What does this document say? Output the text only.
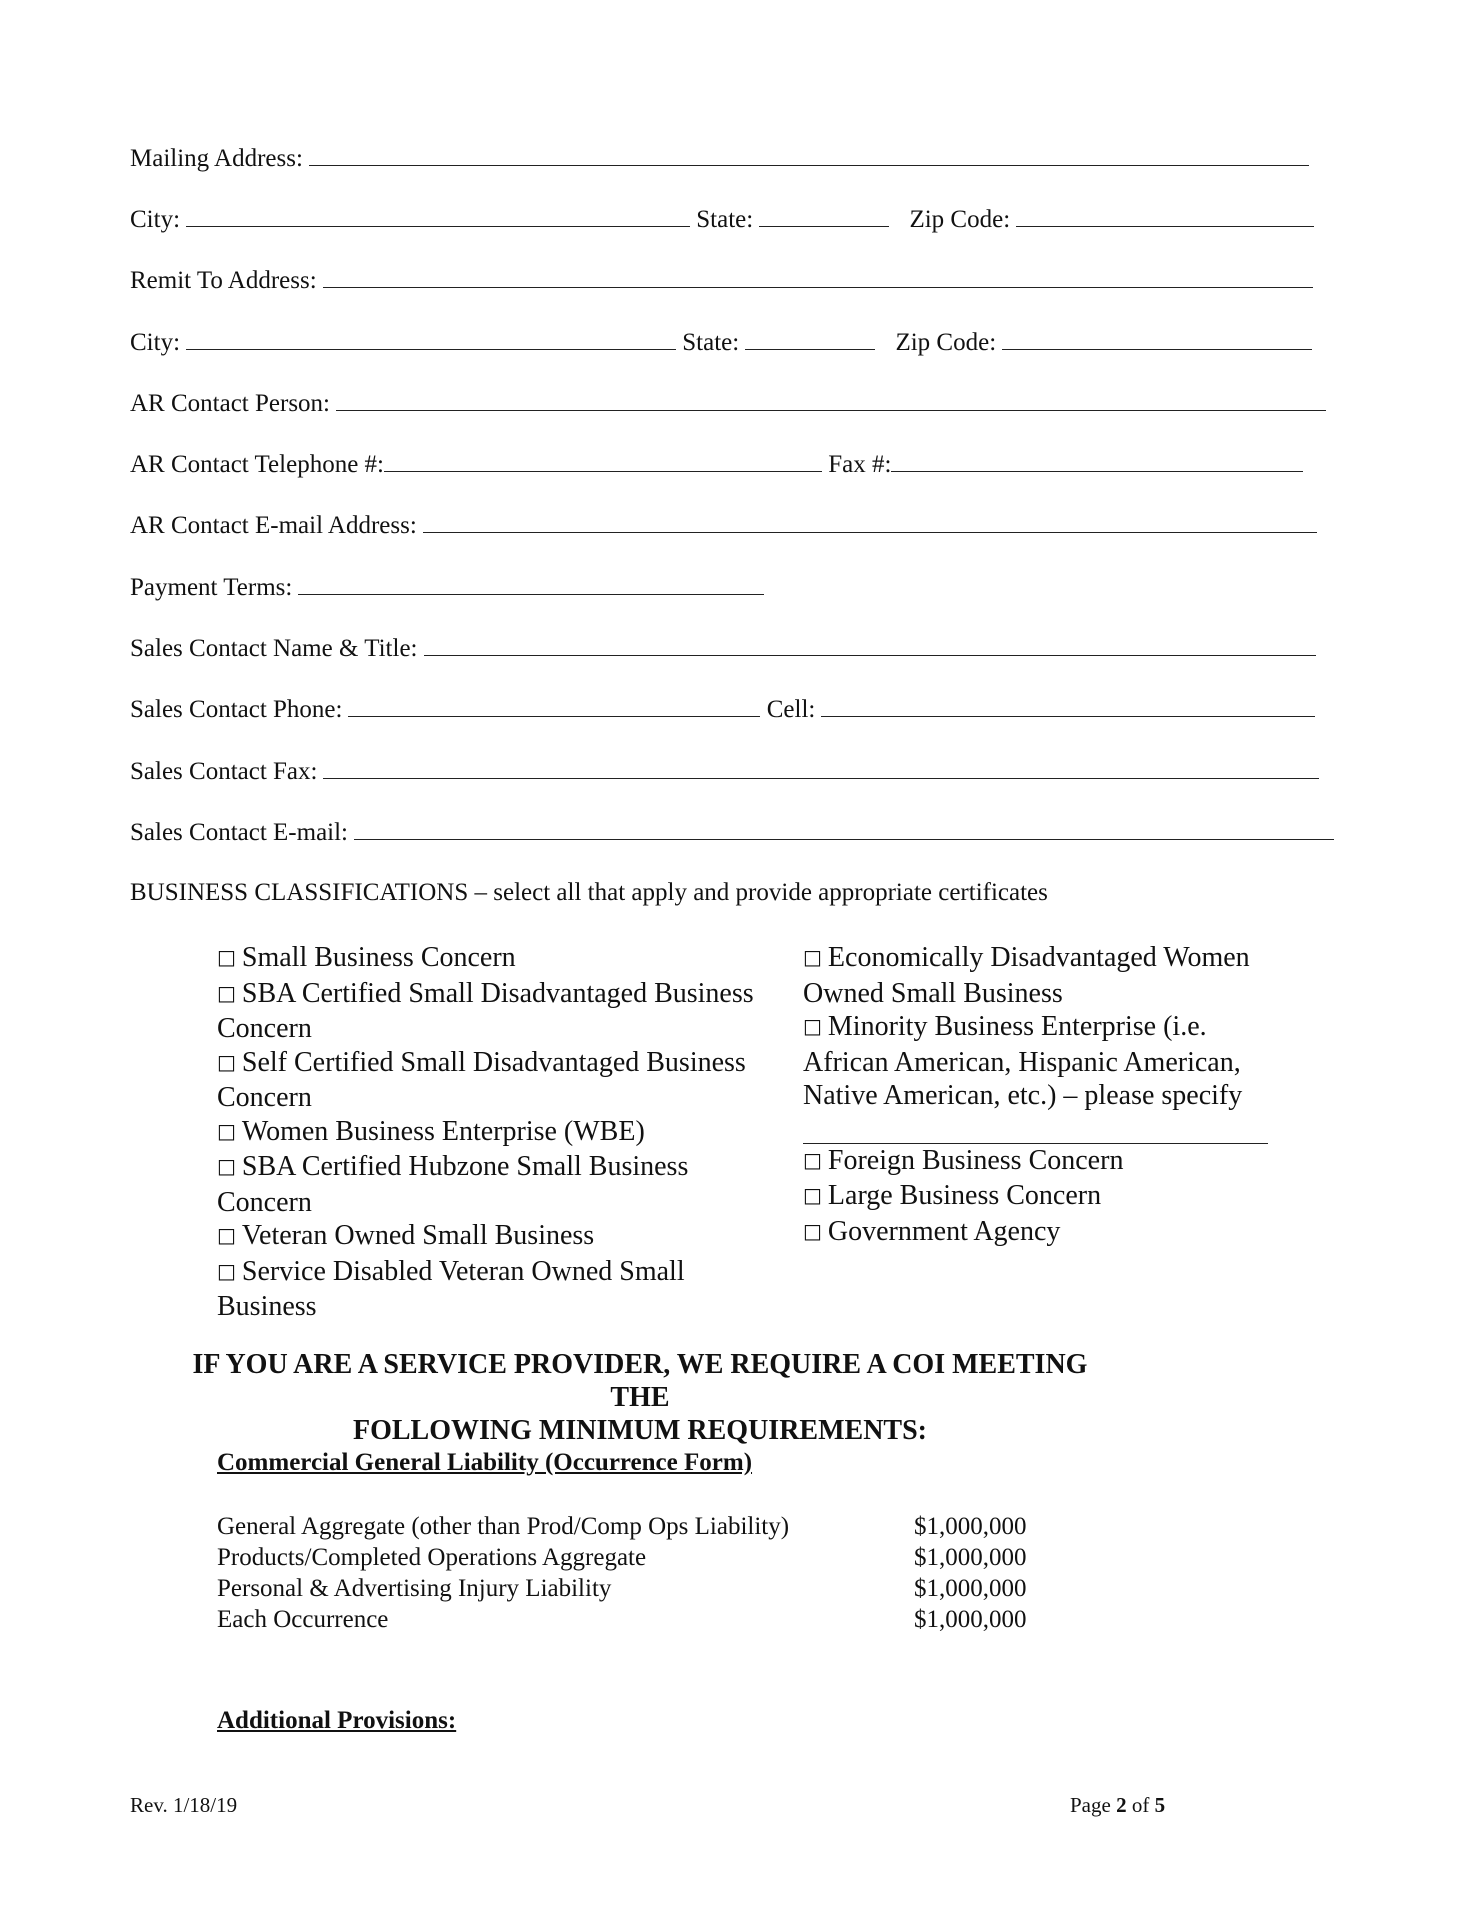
Mailing Address:
City:	State:	Zip Code:
Remit To Address:
City:	State:	Zip Code:
AR Contact Person:
AR Contact Telephone #:	Fax #:
AR Contact E-mail Address:
Payment Terms:
Sales Contact Name & Title:
Sales Contact Phone:	Cell:
Sales Contact Fax:
Sales Contact E-mail:
BUSINESS CLASSIFICATIONS – select all that apply and provide appropriate certificates
□ Small Business Concern
□ SBA Certified Small Disadvantaged Business Concern
□ Self Certified Small Disadvantaged Business Concern
□ Women Business Enterprise (WBE)
□ SBA Certified Hubzone Small Business Concern
□ Veteran Owned Small Business
□ Service Disabled Veteran Owned Small Business
□ Economically Disadvantaged Women Owned Small Business
□ Minority Business Enterprise (i.e. African American, Hispanic American, Native American, etc.) – please specify
□ Foreign Business Concern
□ Large Business Concern
□ Government Agency
IF YOU ARE A SERVICE PROVIDER, WE REQUIRE A COI MEETING THE
FOLLOWING MINIMUM REQUIREMENTS:
Commercial General Liability (Occurrence Form)
General Aggregate (other than Prod/Comp Ops Liability)	$1,000,000
Products/Completed Operations Aggregate	$1,000,000
Personal & Advertising Injury Liability	$1,000,000
Each Occurrence	$1,000,000
Additional Provisions:
Rev. 1/18/19	Page 2 of 5
